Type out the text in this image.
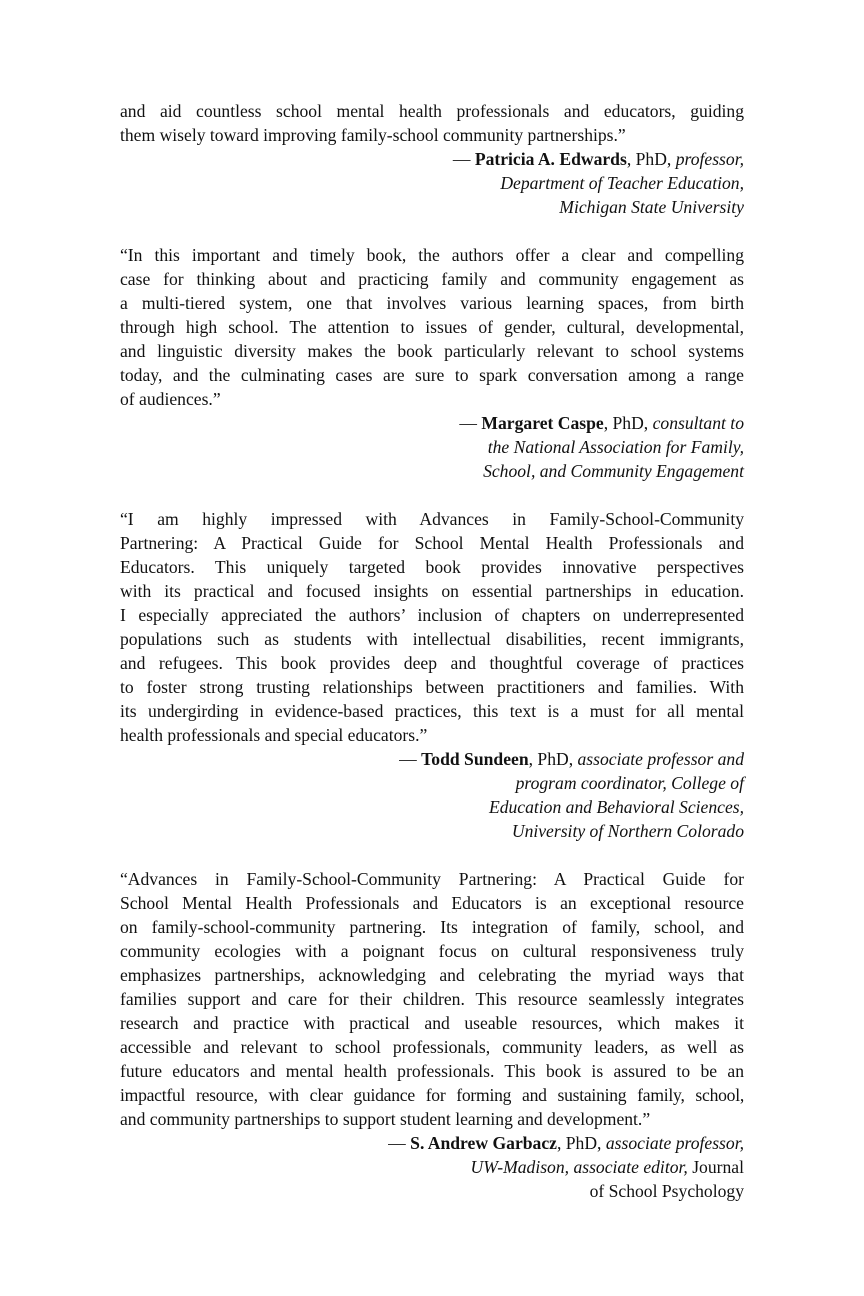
and aid countless school mental health professionals and educators, guiding

them wisely toward improving family-school community partnerships.”

— Patricia A. Edwards, PhD, professor,

Department of Teacher Education,

Michigan State University

“In this important and timely book, the authors offer a clear and compelling

case for thinking about and practicing family and community engagement as

a multi-tiered system, one that involves various learning spaces, from birth

through high school. The attention to issues of gender, cultural, developmental,

and linguistic diversity makes the book particularly relevant to school systems

today, and the culminating cases are sure to spark conversation among a range

of audiences.”

— Margaret Caspe, PhD, consultant to

the National Association for Family,

School, and Community Engagement

“I am highly impressed with Advances in Family-School-Community

Partnering: A Practical Guide for School Mental Health Professionals and

Educators. This uniquely targeted book provides innovative perspectives

with its practical and focused insights on essential partnerships in education.

I especially appreciated the authors’ inclusion of chapters on underrepresented

populations such as students with intellectual disabilities, recent immigrants,

and refugees. This book provides deep and thoughtful coverage of practices

to foster strong trusting relationships between practitioners and families. With

its undergirding in evidence-based practices, this text is a must for all mental

health professionals and special educators.”

— Todd Sundeen, PhD, associate professor and

program coordinator, College of

Education and Behavioral Sciences,

University of Northern Colorado

“Advances in Family-School-Community Partnering: A Practical Guide for

School Mental Health Professionals and Educators is an exceptional resource

on family-school-community partnering. Its integration of family, school, and

community ecologies with a poignant focus on cultural responsiveness truly

emphasizes partnerships, acknowledging and celebrating the myriad ways that

families support and care for their children. This resource seamlessly integrates

research and practice with practical and useable resources, which makes it

accessible and relevant to school professionals, community leaders, as well as

future educators and mental health professionals. This book is assured to be an

impactful resource, with clear guidance for forming and sustaining family, school,

and community partnerships to support student learning and development.”

— S. Andrew Garbacz, PhD, associate professor,

UW-Madison, associate editor, Journal

of School Psychology
